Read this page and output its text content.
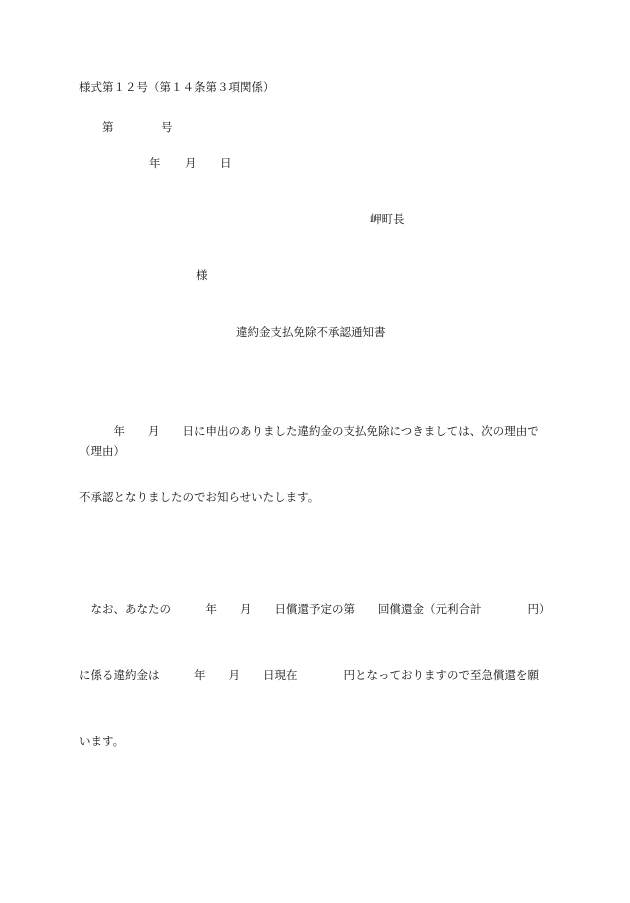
様式第１２号（第１４条第３項関係）

第

	号

年

月

日

岬町長
様
違約金支払免除不承認通知書

　　　年　　月　　日に申出のありました違約金の支払免除につきましては、次の理由で

不承認となりましたのでお知らせいたします。

（理由）

　なお、あなたの　　　年　　月　　日償還予定の第　　回償還金（元利合計　　　　円）

に係る違約金は　　　年　　月　　日現在　　　　円となっておりますので至急償還を願

います。
